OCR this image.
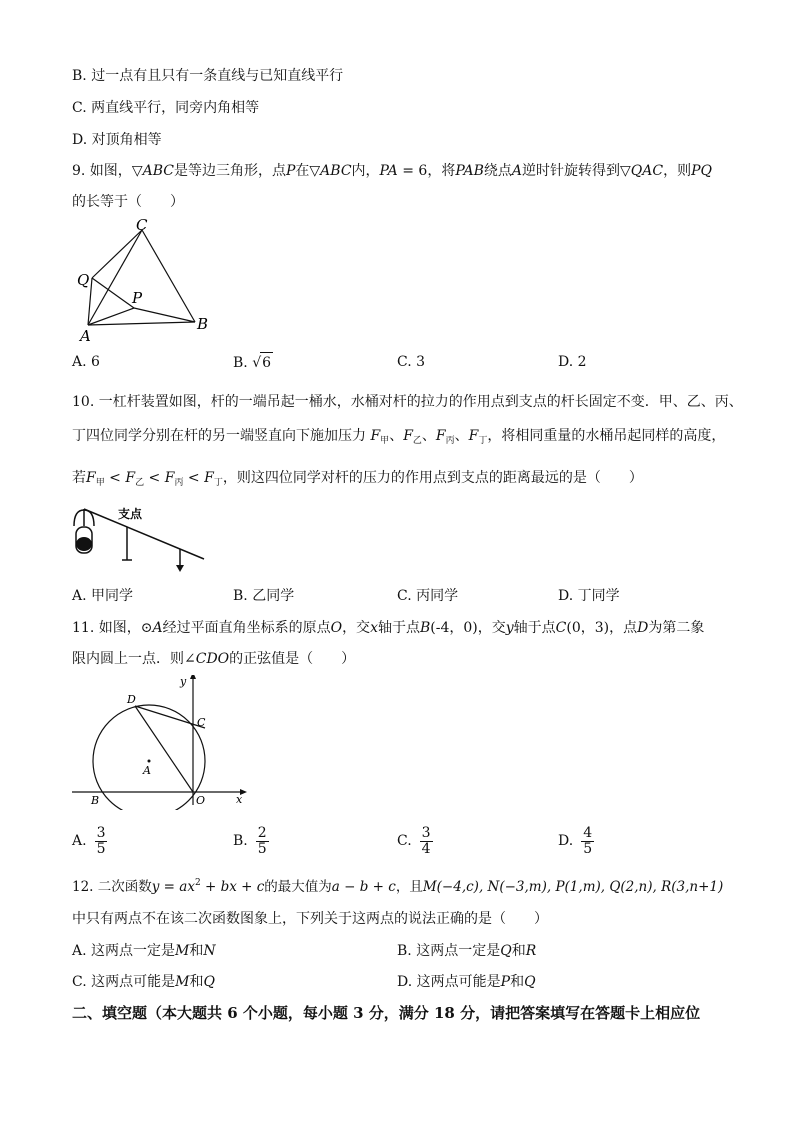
B. 过一点有且只有一条直线与已知直线平行
C. 两直线平行，同旁内角相等
D. 对顶角相等
9. 如图，▽ABC是等边三角形，点P在▽ABC内，PA = 6，将PAB绕点A逆时针旋转得到▽QAC，则PQ
的长等于（　　）
C
Q
P
A
B
A. 6	B. √6	C. 3	D. 2
10. 一杠杆装置如图，杆的一端吊起一桶水，水桶对杆的拉力的作用点到支点的杆长固定不变．甲、乙、丙、
丁四位同学分别在杆的另一端竖直向下施加压力 $F_甲$、$F_乙$、$F_丙$、$F_丁$，将相同重量的水桶吊起同样的高度，
若$F_甲 < F_乙 < F_丙 < F_丁$，则这四位同学对杆的压力的作用点到支点的距离最远的是（　　）
支点
A. 甲同学	B. 乙同学	C. 丙同学	D. 丁同学
11. 如图，⊙A经过平面直角坐标系的原点O，交x轴于点B(-4，0)，交y轴于点C(0，3)，点D为第二象
限内圆上一点．则∠CDO的正弦值是（　　）
y
D
C
A
B	O	x
A. $\frac{3}{5}$	B. $\frac{2}{5}$	C. $\frac{3}{4}$	D. $\frac{4}{5}$
12. 二次函数$y = ax^2$ + bx + c的最大值为a − b + c，且M(−4,c), N(−3,m), P(1,m), Q(2,n), R(3,n+1)
中只有两点不在该二次函数图象上，下列关于这两点的说法正确的是（　　）
A. 这两点一定是M和N	B. 这两点一定是Q和R
C. 这两点可能是M和Q	D. 这两点可能是P和Q
二、填空题（本大题共 6 个小题，每小题 3 分，满分 18 分，请把答案填写在答题卡上相应位
